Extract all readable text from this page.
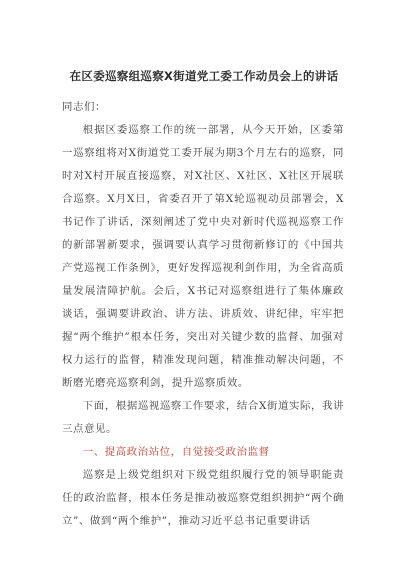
在区委巡察组巡察X街道党工委工作动员会上的讲话

同志们：

根据区委巡察工作的统一部署，从今天开始，区委第一巡察组将对X街道党工委开展为期3个月左右的巡察，同时对X村开展直接巡察，对X社区、X社区、X社区开展联合巡察。X月X日，省委召开了第X轮巡视动员部署会，X书记作了讲话，深刻阐述了党中央对新时代巡视巡察工作的新部署新要求，强调要认真学习贯彻新修订的《中国共产党巡视工作条例》，更好发挥巡视利剑作用，为全省高质量发展清障护航。会后，X书记对巡察组进行了集体廉政谈话，强调要讲政治、讲方法、讲质效、讲纪律，牢牢把握“两个维护”根本任务，突出对关键少数的监督、加强对权力运行的监督，精准发现问题，精准推动解决问题，不断磨光磨亮巡察利剑，提升巡察质效。

下面，根据巡视巡察工作要求，结合X街道实际，我讲三点意见。

一、提高政治站位，自觉接受政治监督

巡察是上级党组织对下级党组织履行党的领导职能责任的政治监督，根本任务是推动被巡察党组织拥护“两个确立”、做到“两个维护”，推动习近平总书记重要讲话
